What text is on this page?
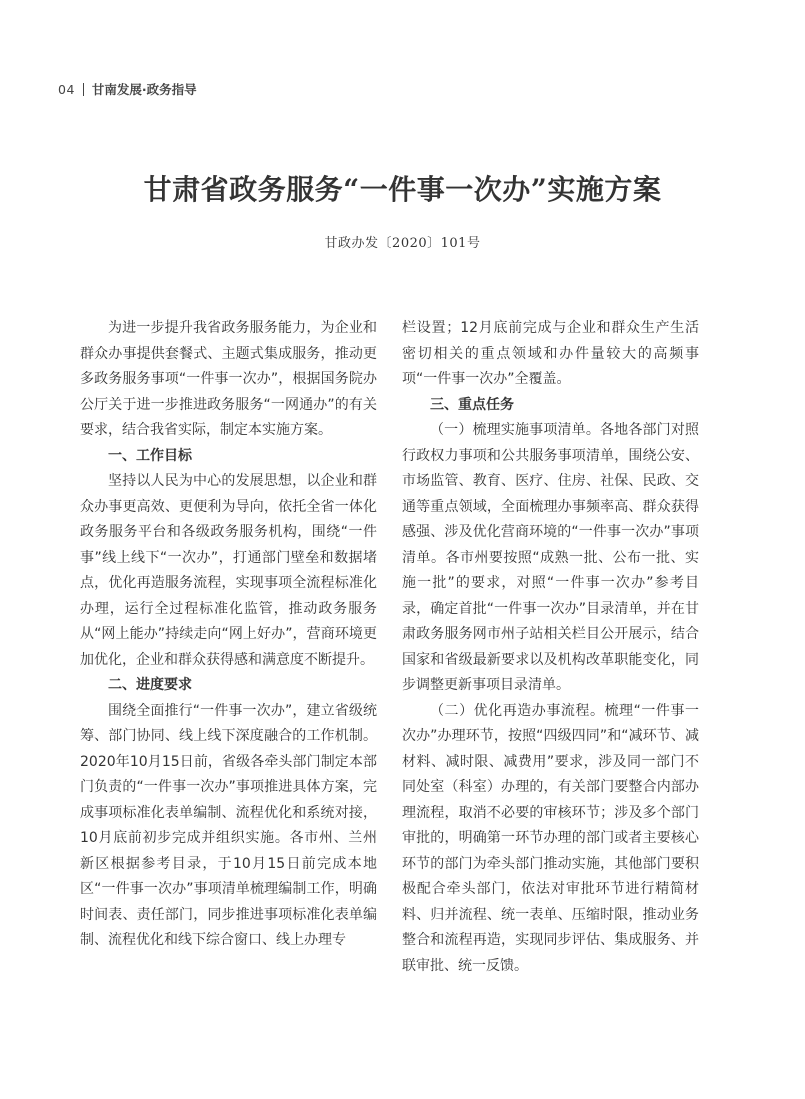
04 甘南发展·政务指导
甘肃省政务服务“一件事一次办”实施方案
甘政办发〔2020〕101号

为进一步提升我省政务服务能力，为企业和群众办事提供套餐式、主题式集成服务，推动更多政务服务事项“一件事一次办”，根据国务院办公厅关于进一步推进政务服务“一网通办”的有关要求，结合我省实际，制定本实施方案。

一、工作目标

坚持以人民为中心的发展思想，以企业和群众办事更高效、更便利为导向，依托全省一体化政务服务平台和各级政务服务机构，围绕“一件事”线上线下“一次办”，打通部门壁垒和数据堵点，优化再造服务流程，实现事项全流程标准化办理，运行全过程标准化监管，推动政务服务从“网上能办”持续走向“网上好办”，营商环境更加优化，企业和群众获得感和满意度不断提升。

二、进度要求

围绕全面推行“一件事一次办”，建立省级统筹、部门协同、线上线下深度融合的工作机制。2020年10月15日前，省级各牵头部门制定本部门负责的“一件事一次办”事项推进具体方案，完成事项标准化表单编制、流程优化和系统对接，10月底前初步完成并组织实施。各市州、兰州新区根据参考目录，于10月15日前完成本地区“一件事一次办”事项清单梳理编制工作，明确时间表、责任部门，同步推进事项标准化表单编制、流程优化和线下综合窗口、线上办理专

栏设置；12月底前完成与企业和群众生产生活密切相关的重点领域和办件量较大的高频事项“一件事一次办”全覆盖。

三、重点任务

（一）梳理实施事项清单。各地各部门对照行政权力事项和公共服务事项清单，围绕公安、市场监管、教育、医疗、住房、社保、民政、交通等重点领域，全面梳理办事频率高、群众获得感强、涉及优化营商环境的“一件事一次办”事项清单。各市州要按照“成熟一批、公布一批、实施一批”的要求，对照“一件事一次办”参考目录，确定首批“一件事一次办”目录清单，并在甘肃政务服务网市州子站相关栏目公开展示，结合国家和省级最新要求以及机构改革职能变化，同步调整更新事项目录清单。

（二）优化再造办事流程。梳理“一件事一次办”办理环节，按照“四级四同”和“减环节、减材料、减时限、减费用”要求，涉及同一部门不同处室（科室）办理的，有关部门要整合内部办理流程，取消不必要的审核环节；涉及多个部门审批的，明确第一环节办理的部门或者主要核心环节的部门为牵头部门推动实施，其他部门要积极配合牵头部门，依法对审批环节进行精简材料、归并流程、统一表单、压缩时限，推动业务整合和流程再造，实现同步评估、集成服务、并联审批、统一反馈。
